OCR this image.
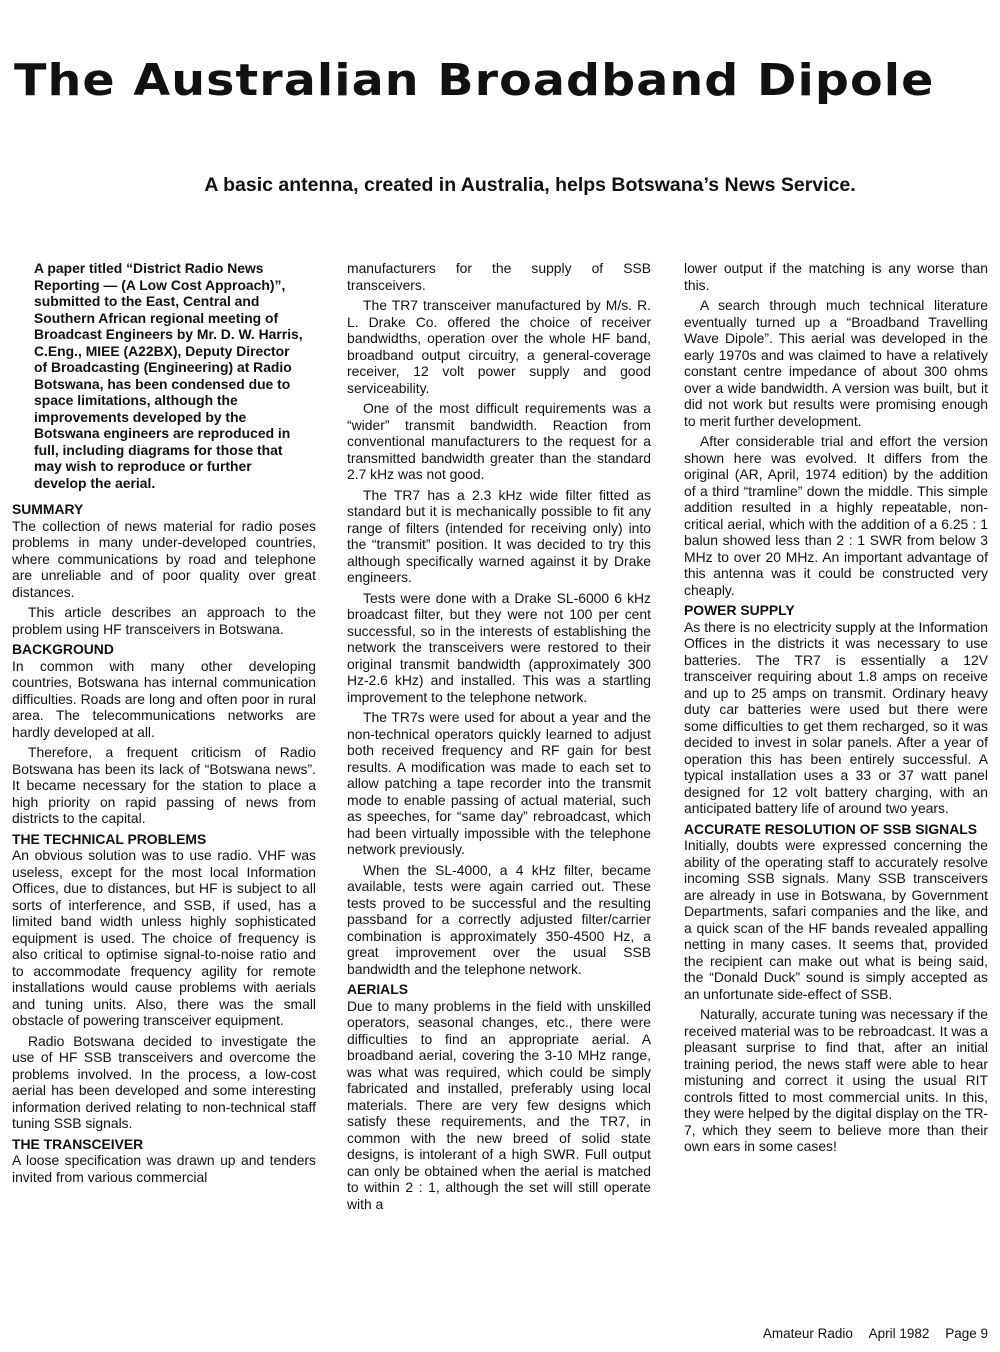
The Australian Broadband Dipole
A basic antenna, created in Australia, helps Botswana’s News Service.
A paper titled “District Radio News Reporting — (A Low Cost Approach)”, submitted to the East, Central and Southern African regional meeting of Broadcast Engineers by Mr. D. W. Harris, C.Eng., MIEE (A22BX), Deputy Director of Broadcasting (Engineering) at Radio Botswana, has been condensed due to space limitations, although the improvements developed by the Botswana engineers are reproduced in full, including diagrams for those that may wish to reproduce or further develop the aerial.
SUMMARY

The collection of news material for radio poses problems in many under-developed countries, where communications by road and telephone are unreliable and of poor quality over great distances.

This article describes an approach to the problem using HF transceivers in Botswana.

BACKGROUND

In common with many other developing countries, Botswana has internal communication difficulties. Roads are long and often poor in rural area. The telecommunications networks are hardly developed at all.

Therefore, a frequent criticism of Radio Botswana has been its lack of “Botswana news”. It became necessary for the station to place a high priority on rapid passing of news from districts to the capital.

THE TECHNICAL PROBLEMS

An obvious solution was to use radio. VHF was useless, except for the most local Information Offices, due to distances, but HF is subject to all sorts of interference, and SSB, if used, has a limited band width unless highly sophisticated equipment is used. The choice of frequency is also critical to optimise signal-to-noise ratio and to accommodate frequency agility for remote installations would cause problems with aerials and tuning units. Also, there was the small obstacle of powering transceiver equipment.

Radio Botswana decided to investigate the use of HF SSB transceivers and overcome the problems involved. In the process, a low-cost aerial has been developed and some interesting information derived relating to non-technical staff tuning SSB signals.

THE TRANSCEIVER

A loose specification was drawn up and tenders invited from various commercial

manufacturers for the supply of SSB transceivers.

The TR7 transceiver manufactured by M/s. R. L. Drake Co. offered the choice of receiver bandwidths, operation over the whole HF band, broadband output circuitry, a general-coverage receiver, 12 volt power supply and good serviceability.

One of the most difficult requirements was a “wider” transmit bandwidth. Reaction from conventional manufacturers to the request for a transmitted bandwidth greater than the standard 2.7 kHz was not good.

The TR7 has a 2.3 kHz wide filter fitted as standard but it is mechanically possible to fit any range of filters (intended for receiving only) into the “transmit” position. It was decided to try this although specifically warned against it by Drake engineers.

Tests were done with a Drake SL-6000 6 kHz broadcast filter, but they were not 100 per cent successful, so in the interests of establishing the network the transceivers were restored to their original transmit bandwidth (approximately 300 Hz-2.6 kHz) and installed. This was a startling improvement to the telephone network.

The TR7s were used for about a year and the non-technical operators quickly learned to adjust both received frequency and RF gain for best results. A modification was made to each set to allow patching a tape recorder into the transmit mode to enable passing of actual material, such as speeches, for “same day” rebroadcast, which had been virtually impossible with the telephone network previously.

When the SL-4000, a 4 kHz filter, became available, tests were again carried out. These tests proved to be successful and the resulting passband for a correctly adjusted filter/carrier combination is approximately 350-4500 Hz, a great improvement over the usual SSB bandwidth and the telephone network.

AERIALS

Due to many problems in the field with unskilled operators, seasonal changes, etc., there were difficulties to find an appropriate aerial. A broadband aerial, covering the 3-10 MHz range, was what was required, which could be simply fabricated and installed, preferably using local materials. There are very few designs which satisfy these requirements, and the TR7, in common with the new breed of solid state designs, is intolerant of a high SWR. Full output can only be obtained when the aerial is matched to within 2 : 1, although the set will still operate with a

lower output if the matching is any worse than this.

A search through much technical literature eventually turned up a “Broadband Travelling Wave Dipole”. This aerial was developed in the early 1970s and was claimed to have a relatively constant centre impedance of about 300 ohms over a wide bandwidth. A version was built, but it did not work but results were promising enough to merit further development.

After considerable trial and effort the version shown here was evolved. It differs from the original (AR, April, 1974 edition) by the addition of a third “tramline” down the middle. This simple addition resulted in a highly repeatable, non-critical aerial, which with the addition of a 6.25 : 1 balun showed less than 2 : 1 SWR from below 3 MHz to over 20 MHz. An important advantage of this antenna was it could be constructed very cheaply.

POWER SUPPLY

As there is no electricity supply at the Information Offices in the districts it was necessary to use batteries. The TR7 is essentially a 12V transceiver requiring about 1.8 amps on receive and up to 25 amps on transmit. Ordinary heavy duty car batteries were used but there were some difficulties to get them recharged, so it was decided to invest in solar panels. After a year of operation this has been entirely successful. A typical installation uses a 33 or 37 watt panel designed for 12 volt battery charging, with an anticipated battery life of around two years.

ACCURATE RESOLUTION OF SSB SIGNALS

Initially, doubts were expressed concerning the ability of the operating staff to accurately resolve incoming SSB signals. Many SSB transceivers are already in use in Botswana, by Government Departments, safari companies and the like, and a quick scan of the HF bands revealed appalling netting in many cases. It seems that, provided the recipient can make out what is being said, the “Donald Duck” sound is simply accepted as an unfortunate side-effect of SSB.

Naturally, accurate tuning was necessary if the received material was to be rebroadcast. It was a pleasant surprise to find that, after an initial training period, the news staff were able to hear mistuning and correct it using the usual RIT controls fitted to most commercial units. In this, they were helped by the digital display on the TR-7, which they seem to believe more than their own ears in some cases!

Amateur Radio April 1982 Page 9
